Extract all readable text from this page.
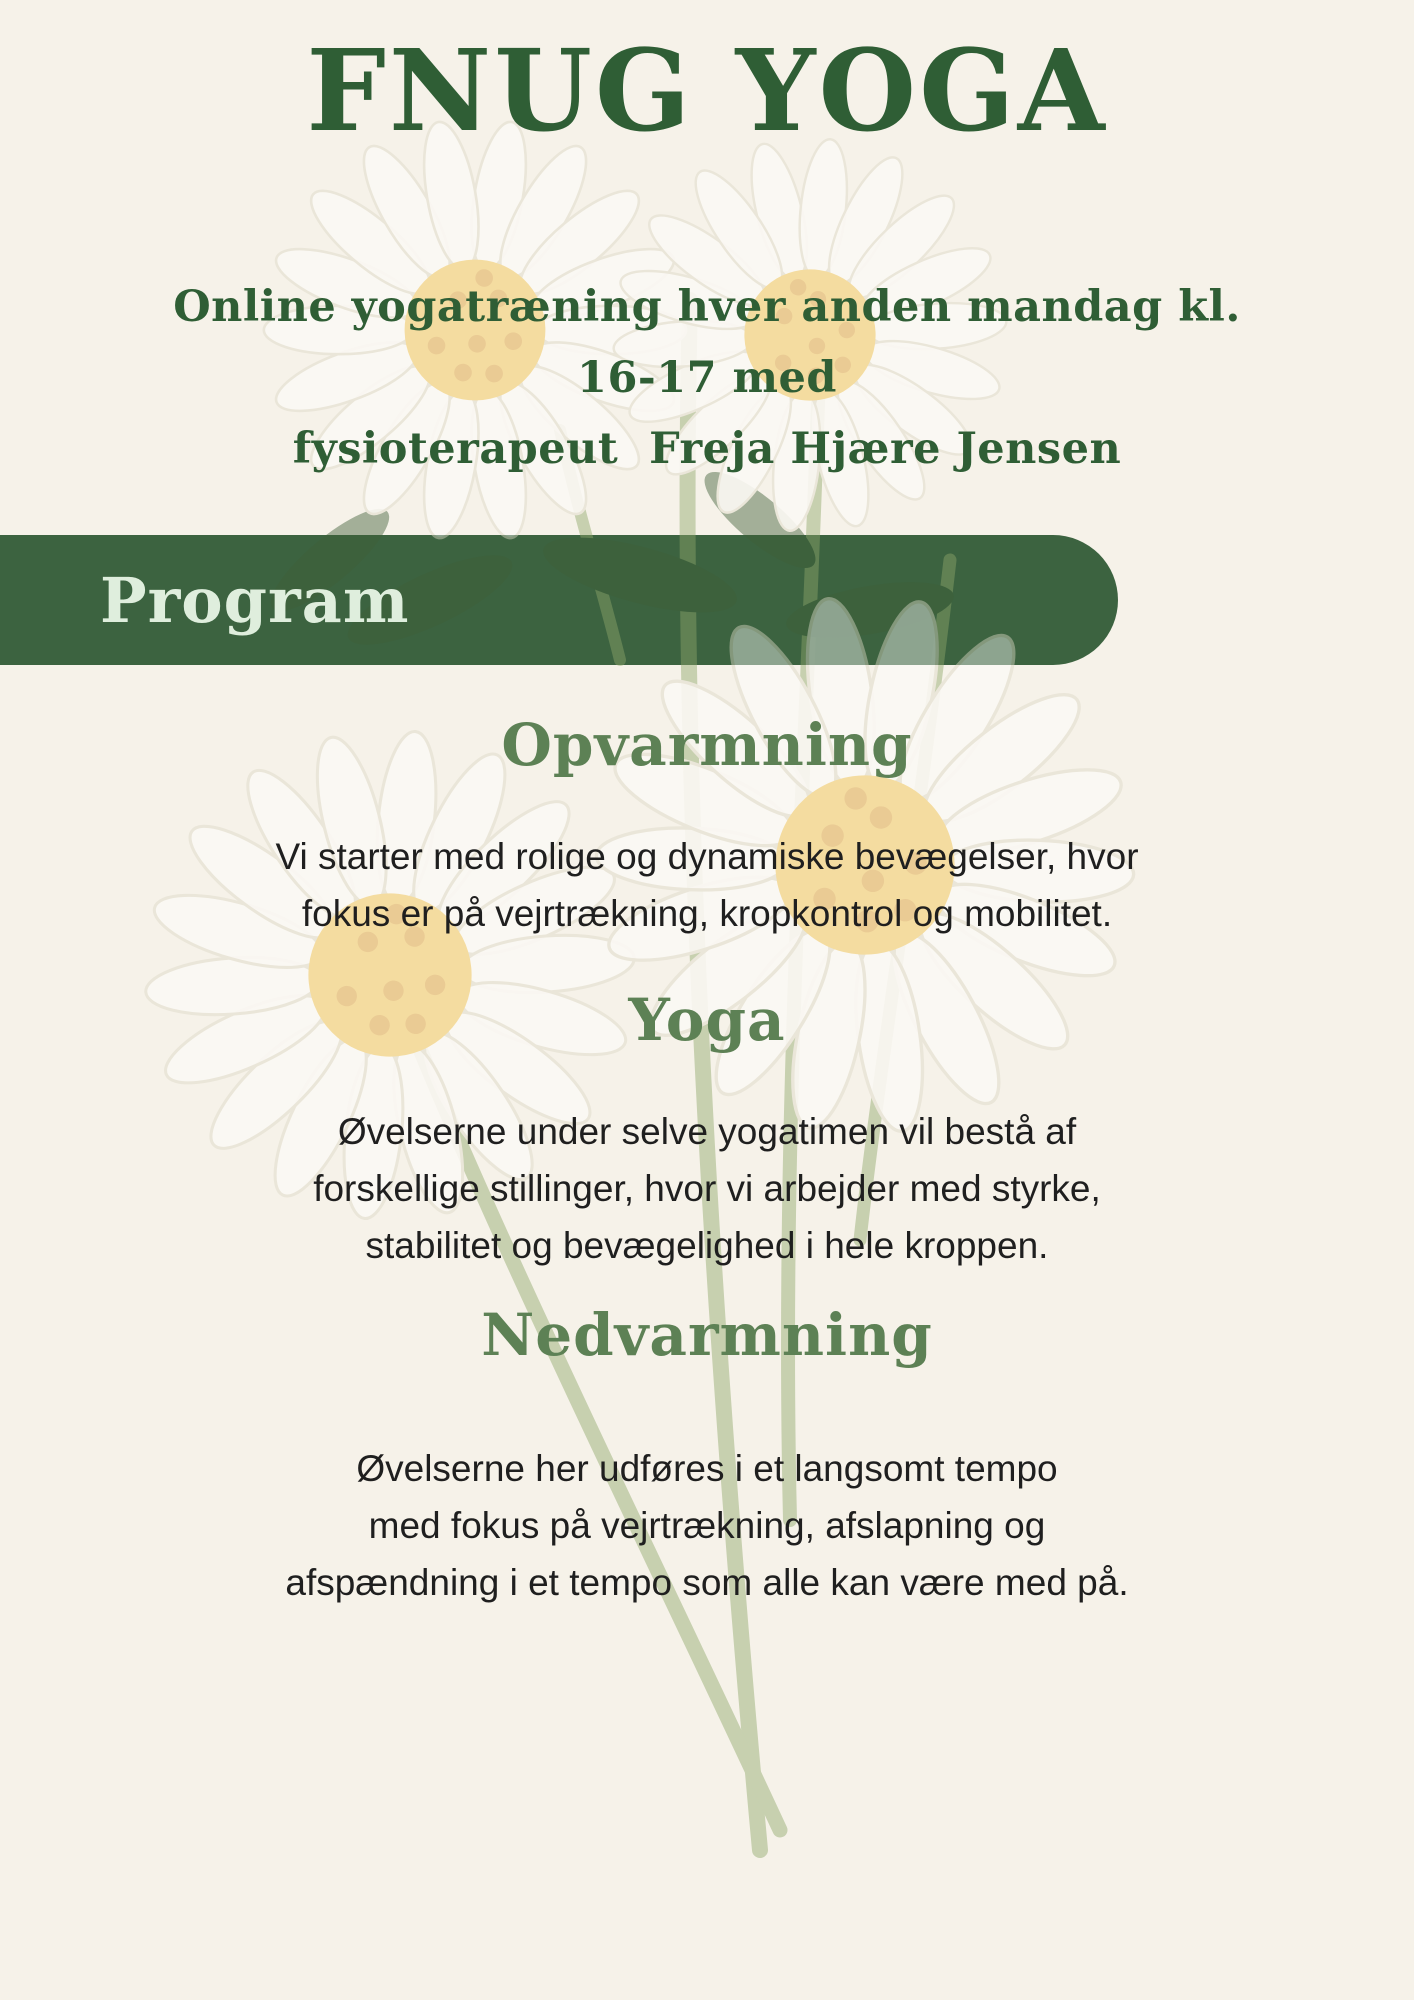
Program
FNUG YOGA
Online yogatræning hver anden mandag kl.
16-17 med
fysioterapeut  Freja Hjære Jensen
Opvarmning

Vi starter med rolige og dynamiske bevægelser, hvor fokus er på vejrtrækning, kropkontrol og mobilitet.

Yoga

Øvelserne under selve yogatimen vil bestå af forskellige stillinger, hvor vi arbejder med styrke, stabilitet og bevægelighed i hele kroppen.

Nedvarmning

Øvelserne her udføres i et langsomt tempo med fokus på vejrtrækning, afslapning og afspændning i et tempo som alle kan være med på.
